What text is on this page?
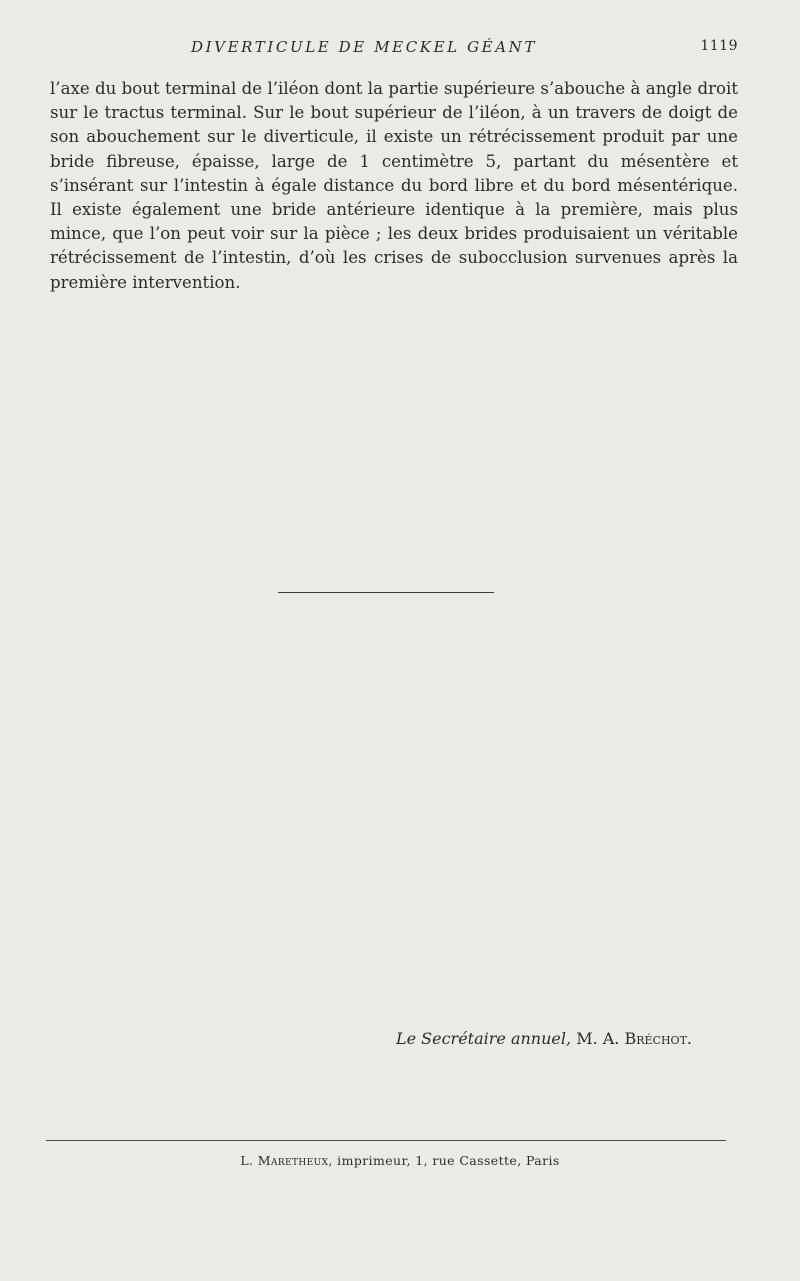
DIVERTICULE DE MECKEL GÉANT	1119

l’axe du bout terminal de l’iléon dont la partie supérieure s’abouche à angle droit sur le tractus terminal. Sur le bout supérieur de l’iléon, à un travers de doigt de son abouchement sur le diverticule, il existe un rétrécissement produit par une bride fibreuse, épaisse, large de 1 centimètre 5, partant du mésentère et s’insérant sur l’intestin à égale distance du bord libre et du bord mésentérique. Il existe également une bride antérieure identique à la première, mais plus mince, que l’on peut voir sur la pièce ; les deux brides produisaient un véritable rétrécissement de l’intestin, d’où les crises de subocclusion survenues après la première intervention.

Le Secrétaire annuel, M. A. Bréchot.
L. Maretheux, imprimeur, 1, rue Cassette, Paris
